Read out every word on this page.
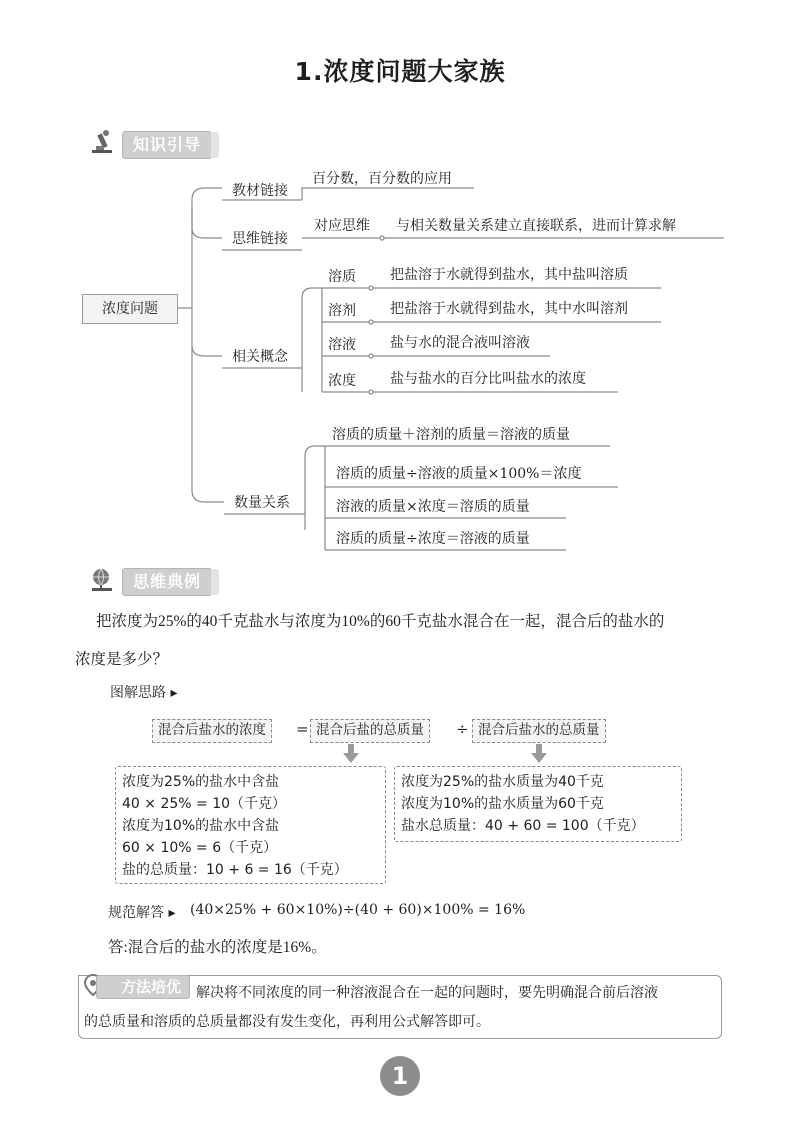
1.浓度问题大家族
知识引导
浓度问题
教材链接
百分数，百分数的应用
思维链接
对应思维 与相关数量关系建立直接联系，进而计算求解
相关概念
溶质 把盐溶于水就得到盐水，其中盐叫溶质
溶剂 把盐溶于水就得到盐水，其中水叫溶剂
溶液 盐与水的混合液叫溶液
浓度 盐与盐水的百分比叫盐水的浓度
数量关系
溶质的质量＋溶剂的质量＝溶液的质量
溶质的质量÷溶液的质量×100%＝浓度
溶液的质量×浓度＝溶质的质量
溶质的质量÷浓度＝溶液的质量
思维典例
把浓度为25%的40千克盐水与浓度为10%的60千克盐水混合在一起，混合后的盐水的
浓度是多少？
图解思路 ▸
混合后盐水的浓度	= 混合后盐的总质量	÷ 混合后盐水的总质量
浓度为25%的盐水中含盐
40 × 25% = 10（千克）
浓度为10%的盐水中含盐
60 × 10% = 6（千克）
盐的总质量：10 + 6 = 16（千克）
浓度为25%的盐水质量为40千克
浓度为10%的盐水质量为60千克
盐水总质量：40 + 60 = 100（千克）
规范解答 ▸ (40×25% + 60×10%)÷(40 + 60)×100% = 16%
答:混合后的盐水的浓度是16%。
方法培优	解决将不同浓度的同一种溶液混合在一起的问题时，要先明确混合前后溶液
的总质量和溶质的总质量都没有发生变化，再利用公式解答即可。
1
